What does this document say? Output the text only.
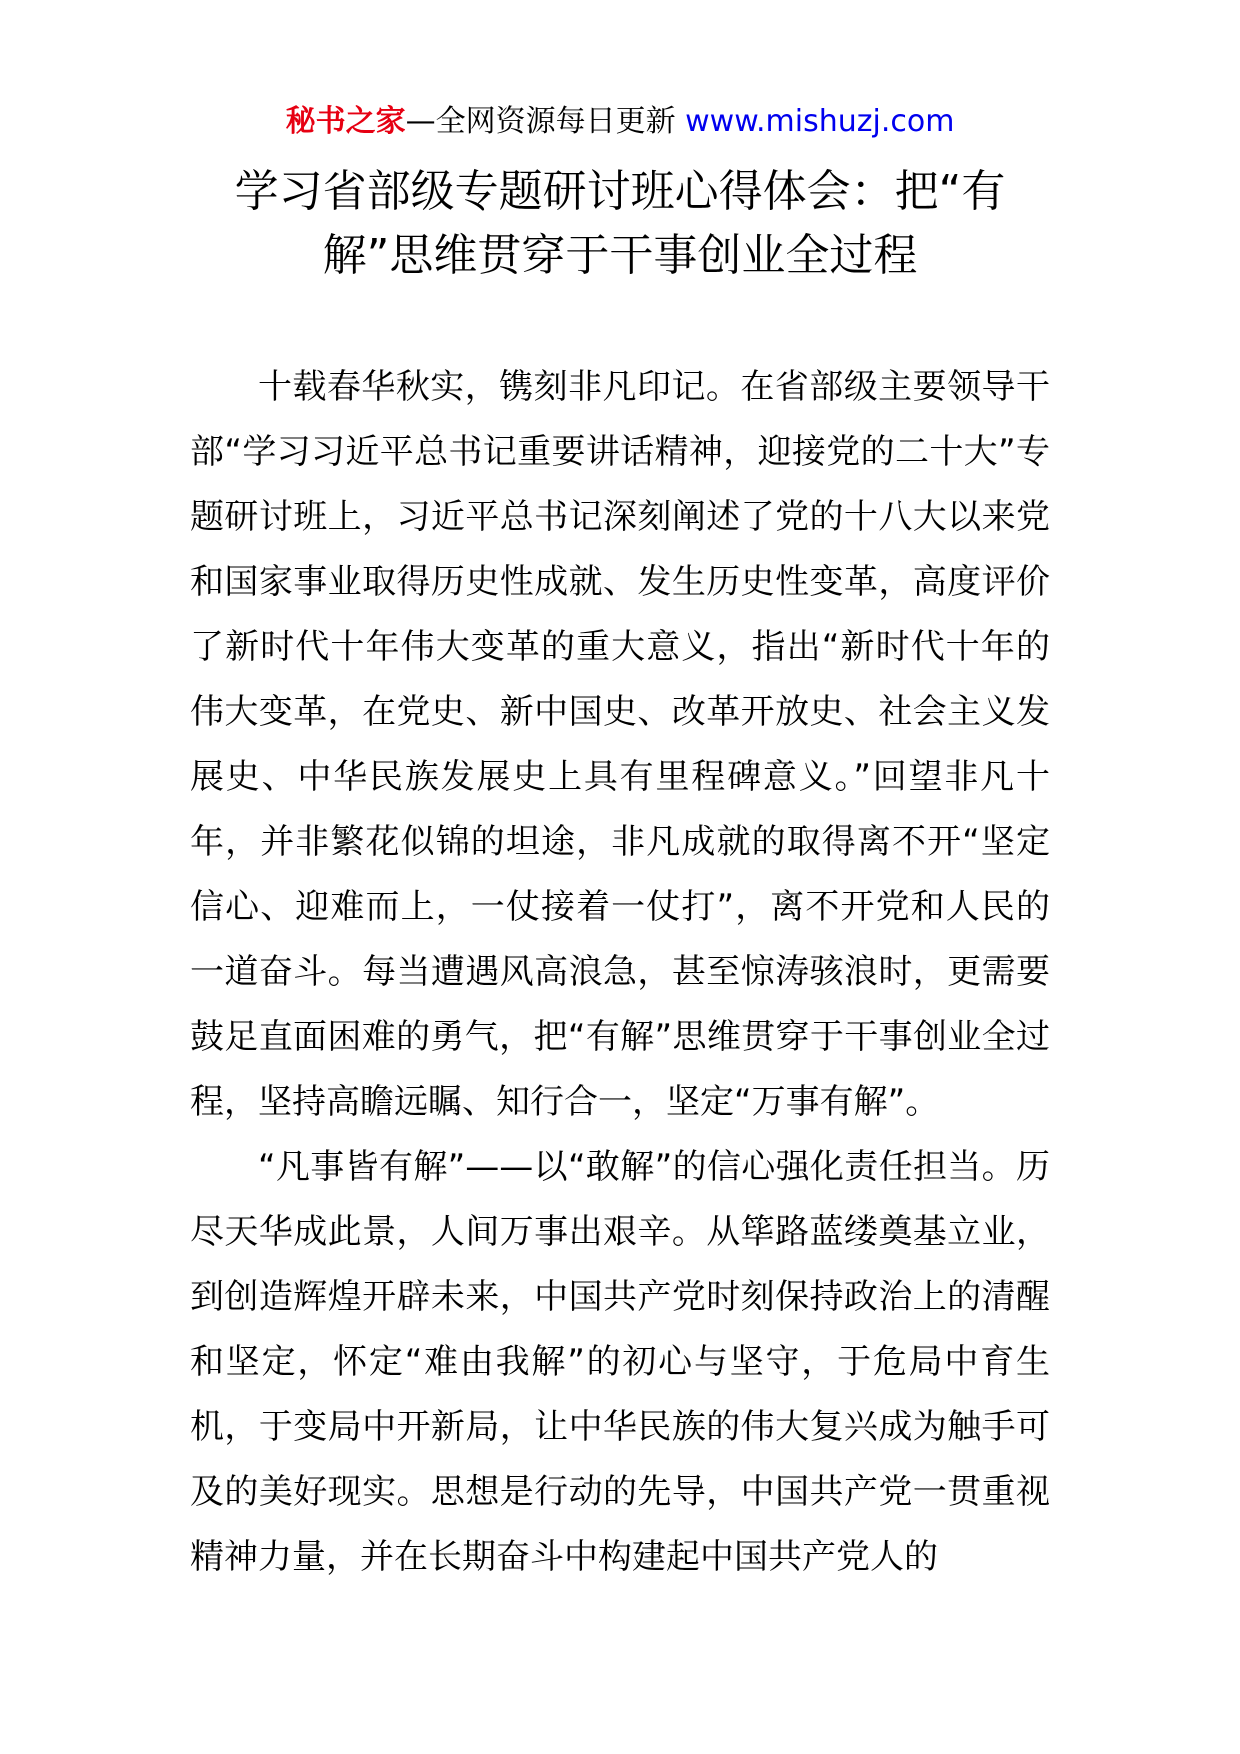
秘书之家—全网资源每日更新 www.mishuzj.com
学习省部级专题研讨班心得体会：把“有解”思维贯穿于干事创业全过程

十载春华秋实，镌刻非凡印记。在省部级主要领导干部“学习习近平总书记重要讲话精神，迎接党的二十大”专题研讨班上，习近平总书记深刻阐述了党的十八大以来党和国家事业取得历史性成就、发生历史性变革，高度评价了新时代十年伟大变革的重大意义，指出“新时代十年的伟大变革，在党史、新中国史、改革开放史、社会主义发展史、中华民族发展史上具有里程碑意义。”回望非凡十年，并非繁花似锦的坦途，非凡成就的取得离不开“坚定信心、迎难而上，一仗接着一仗打”，离不开党和人民的一道奋斗。每当遭遇风高浪急，甚至惊涛骇浪时，更需要鼓足直面困难的勇气，把“有解”思维贯穿于干事创业全过程，坚持高瞻远瞩、知行合一，坚定“万事有解”。

“凡事皆有解”——以“敢解”的信心强化责任担当。历尽天华成此景，人间万事出艰辛。从筚路蓝缕奠基立业，到创造辉煌开辟未来，中国共产党时刻保持政治上的清醒和坚定，怀定“难由我解”的初心与坚守，于危局中育生机，于变局中开新局，让中华民族的伟大复兴成为触手可及的美好现实。思想是行动的先导，中国共产党一贯重视精神力量，并在长期奋斗中构建起中国共产党人的
